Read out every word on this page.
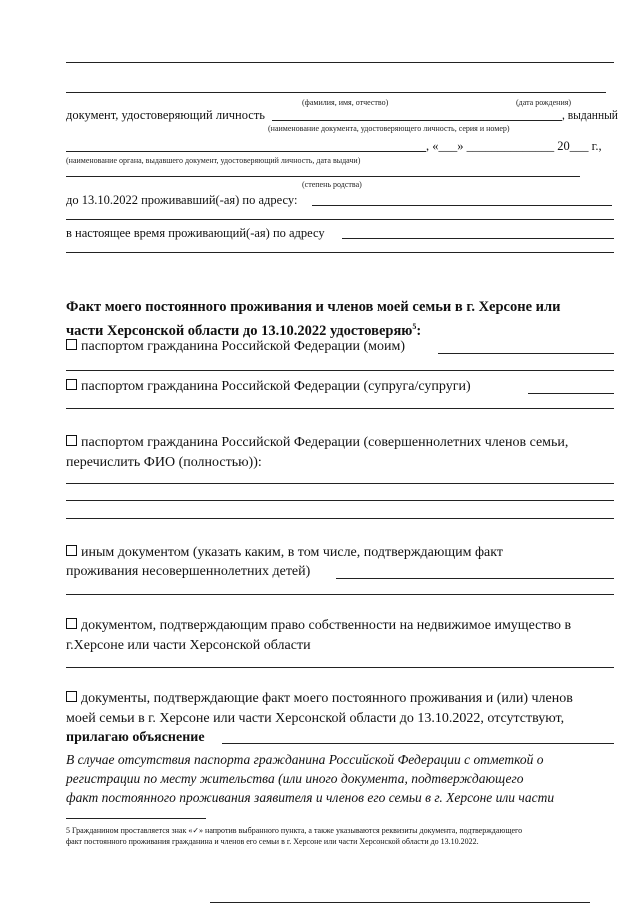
(фамилия, имя, отчество)	(дата рождения)
документ, удостоверяющий личность	, выданный
(наименование документа, удостоверяющего личность, серия и номер)
, «___» ______________ 20___ г.,
(наименование органа, выдавшего документ, удостоверяющий личность, дата выдачи)
(степень родства)
до 13.10.2022 проживавший(-ая) по адресу:
в настоящее время проживающий(-ая) по адресу
Факт моего постоянного проживания и членов моей семьи в г. Херсоне или
части Херсонской области до 13.10.2022 удостоверяю$^5$:
паспортом гражданина Российской Федерации (моим)
паспортом гражданина Российской Федерации (супруга/супруги)
паспортом гражданина Российской Федерации (совершеннолетних членов семьи,
перечислить ФИО (полностью)):
иным документом (указать каким, в том числе, подтверждающим факт
проживания несовершеннолетних детей)
документом, подтверждающим право собственности на недвижимое имущество в
г.Херсоне или части Херсонской области
документы, подтверждающие факт моего постоянного проживания и (или) членов
моей семьи в г. Херсоне или части Херсонской области до 13.10.2022, отсутствуют,
прилагаю объяснение
В случае отсутствия паспорта гражданина Российской Федерации с отметкой о
регистрации по месту жительства (или иного документа, подтверждающего
факт постоянного проживания заявителя и членов его семьи в г. Херсоне или части
5 Гражданином проставляется знак «✓» напротив выбранного пункта, а также указываются реквизиты документа, подтверждающего
факт постоянного проживания гражданина и членов его семьи в г. Херсоне или части Херсонской области до 13.10.2022.
